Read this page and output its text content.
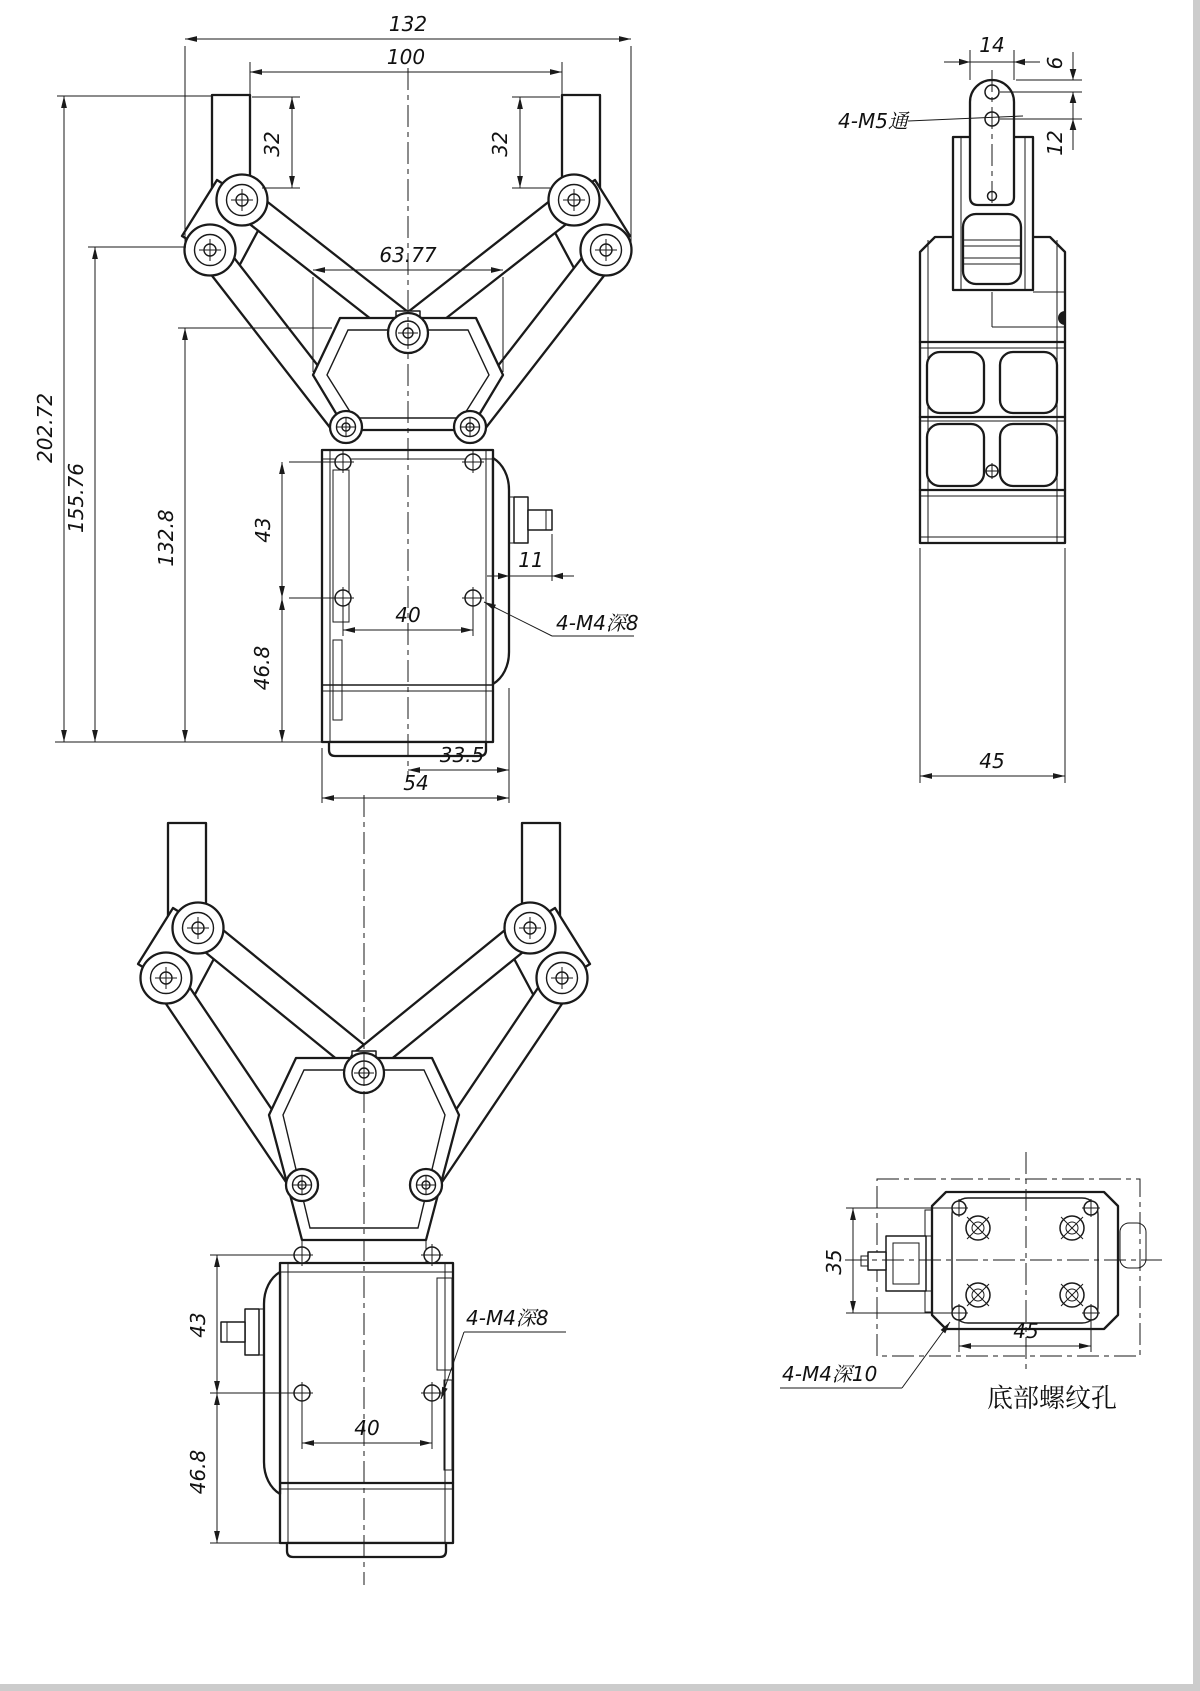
132
100
32	32
63.77
202.72
155.76
132.8	43
46.8
40
11
33.5
54
4-M4深8
14
6
12
4-M5通
45
43
46.8
40
4-M4深8
35
45
4-M4深10
底部螺纹孔
